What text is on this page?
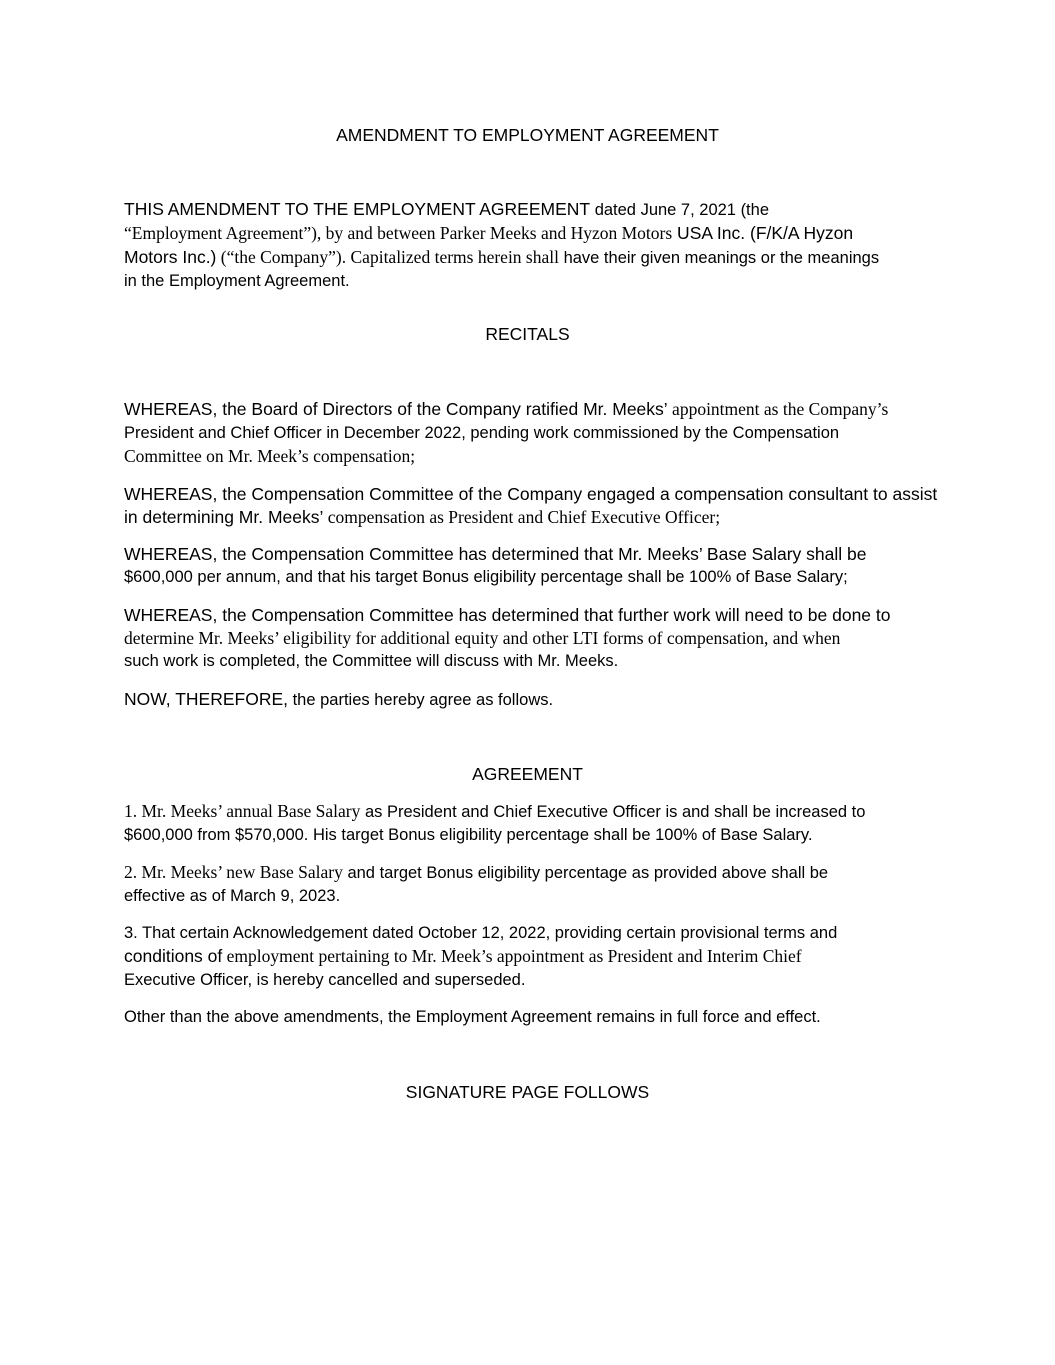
AMENDMENT TO EMPLOYMENT AGREEMENT
THIS AMENDMENT TO THE EMPLOYMENT AGREEMENT dated June 7, 2021 (the
“Employment Agreement”), by and between Parker Meeks and Hyzon Motors USA Inc. (F/K/A Hyzon
Motors Inc.) (“the Company”). Capitalized terms herein shall have their given meanings or the meanings
in the Employment Agreement.
RECITALS
WHEREAS, the Board of Directors of the Company ratified Mr. Meeks’ appointment as the Company’s
President and Chief Officer in December 2022, pending work commissioned by the Compensation
Committee on Mr. Meek’s compensation;
WHEREAS, the Compensation Committee of the Company engaged a compensation consultant to assist
in determining Mr. Meeks’ compensation as President and Chief Executive Officer;
WHEREAS, the Compensation Committee has determined that Mr. Meeks’ Base Salary shall be
$600,000 per annum, and that his target Bonus eligibility percentage shall be 100% of Base Salary;
WHEREAS, the Compensation Committee has determined that further work will need to be done to
determine Mr. Meeks’ eligibility for additional equity and other LTI forms of compensation, and when
such work is completed, the Committee will discuss with Mr. Meeks.
NOW, THEREFORE, the parties hereby agree as follows.
AGREEMENT
1. Mr. Meeks’ annual Base Salary as President and Chief Executive Officer is and shall be increased to
$600,000 from $570,000. His target Bonus eligibility percentage shall be 100% of Base Salary.
2. Mr. Meeks’ new Base Salary and target Bonus eligibility percentage as provided above shall be
effective as of March 9, 2023.
3. That certain Acknowledgement dated October 12, 2022, providing certain provisional terms and
conditions of employment pertaining to Mr. Meek’s appointment as President and Interim Chief
Executive Officer, is hereby cancelled and superseded.
Other than the above amendments, the Employment Agreement remains in full force and effect.
SIGNATURE PAGE FOLLOWS
